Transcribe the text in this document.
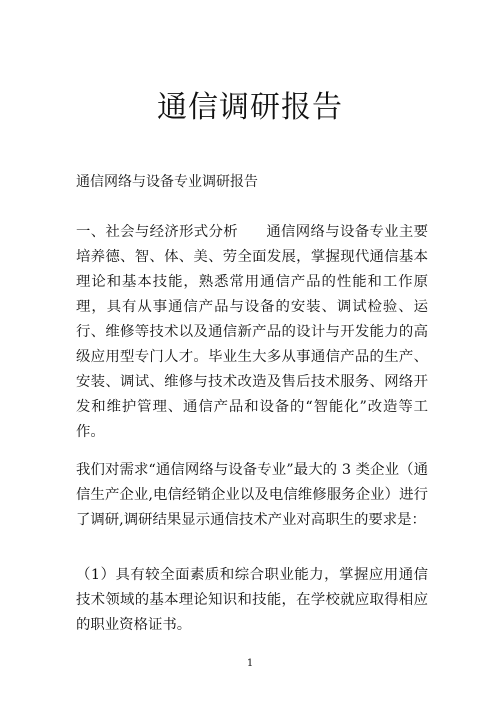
通信调研报告

通信网络与设备专业调研报告

一、社会与经济形式分析 通信网络与设备专业主要培养德、智、体、美、劳全面发展，掌握现代通信基本理论和基本技能，熟悉常用通信产品的性能和工作原理，具有从事通信产品与设备的安装、调试检验、运行、维修等技术以及通信新产品的设计与开发能力的高级应用型专门人才。毕业生大多从事通信产品的生产、安装、调试、维修与技术改造及售后技术服务、网络开发和维护管理、通信产品和设备的“智能化”改造等工作。

我们对需求“通信网络与设备专业”最大的 3 类企业（通信生产企业,电信经销企业以及电信维修服务企业）进行了调研,调研结果显示通信技术产业对高职生的要求是：

（1）具有较全面素质和综合职业能力，掌握应用通信技术领域的基本理论知识和技能，在学校就应取得相应的职业资格证书。

1
